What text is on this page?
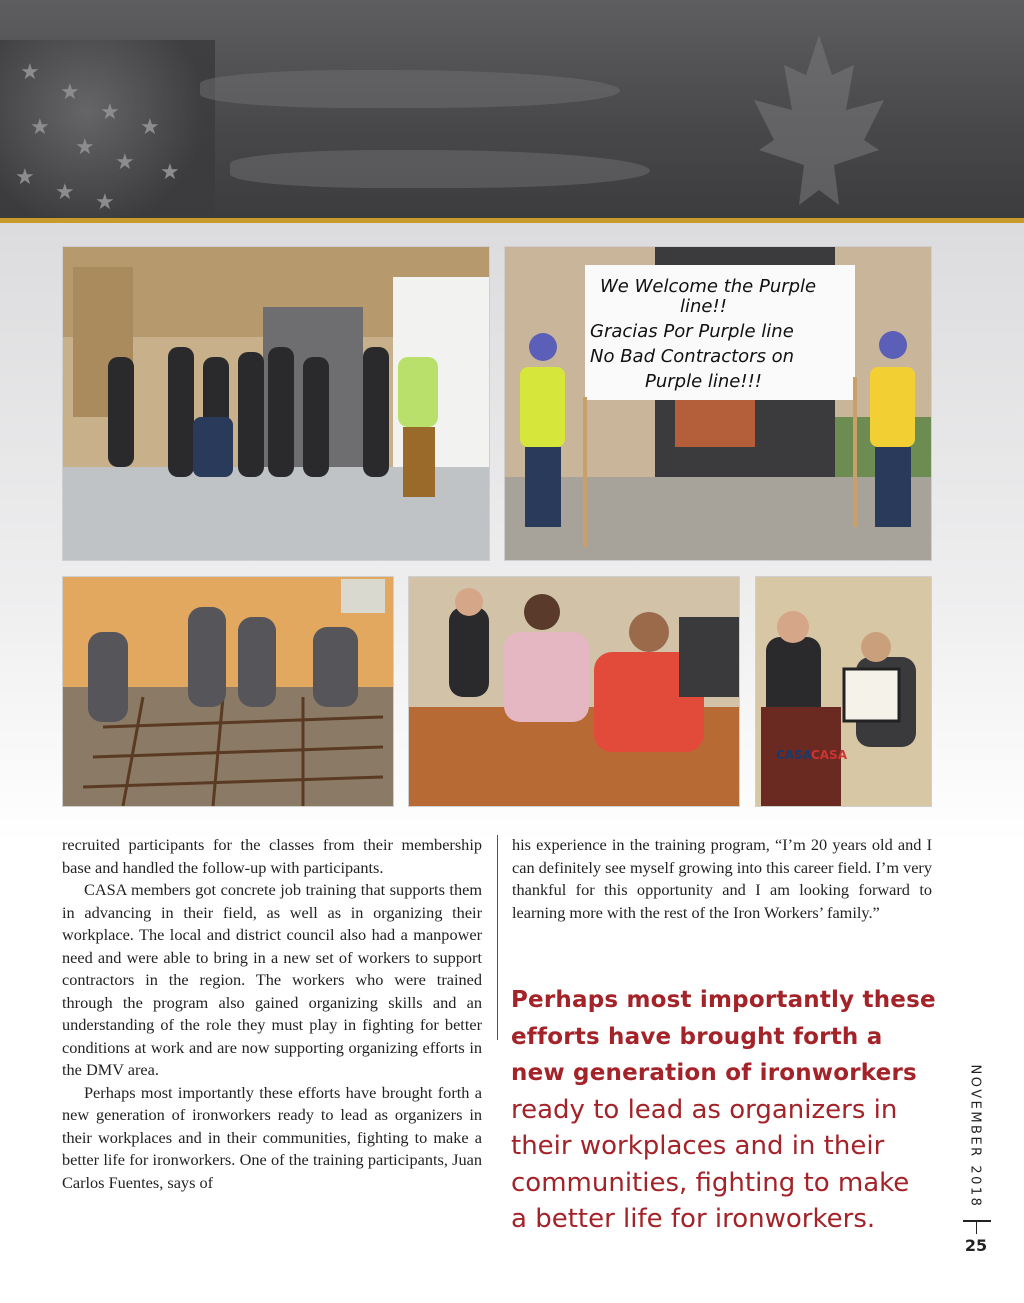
★
★
★
★
★
★
★ ★
★
★ ★
We Welcome the Purple
line!!
Gracias Por Purple line
No Bad Contractors on
Purple line!!!
CASA
CASA

recruited participants for the classes from their membership base and handled the follow-up with participants.

CASA members got concrete job training that supports them in advancing in their field, as well as in organizing their workplace. The local and district council also had a manpower need and were able to bring in a new set of workers to support contractors in the region. The workers who were trained through the program also gained organizing skills and an understanding of the role they must play in fighting for better conditions at work and are now supporting organizing efforts in the DMV area.

Perhaps most importantly these efforts have brought forth a new generation of ironworkers ready to lead as organizers in their workplaces and in their communities, fighting to make a better life for ironworkers. One of the training participants, Juan Carlos Fuentes, says of

his experience in the training program, “I’m 20 years old and I can definitely see myself growing into this career field. I’m very thankful for this opportunity and I am looking forward to learning more with the rest of the Iron Workers’ family.”

Perhaps most importantly these
efforts have brought forth a
new generation of ironworkers
ready to lead as organizers in
their workplaces and in their
communities, fighting to make
a better life for ironworkers.
NOVEMBER 2018
25
